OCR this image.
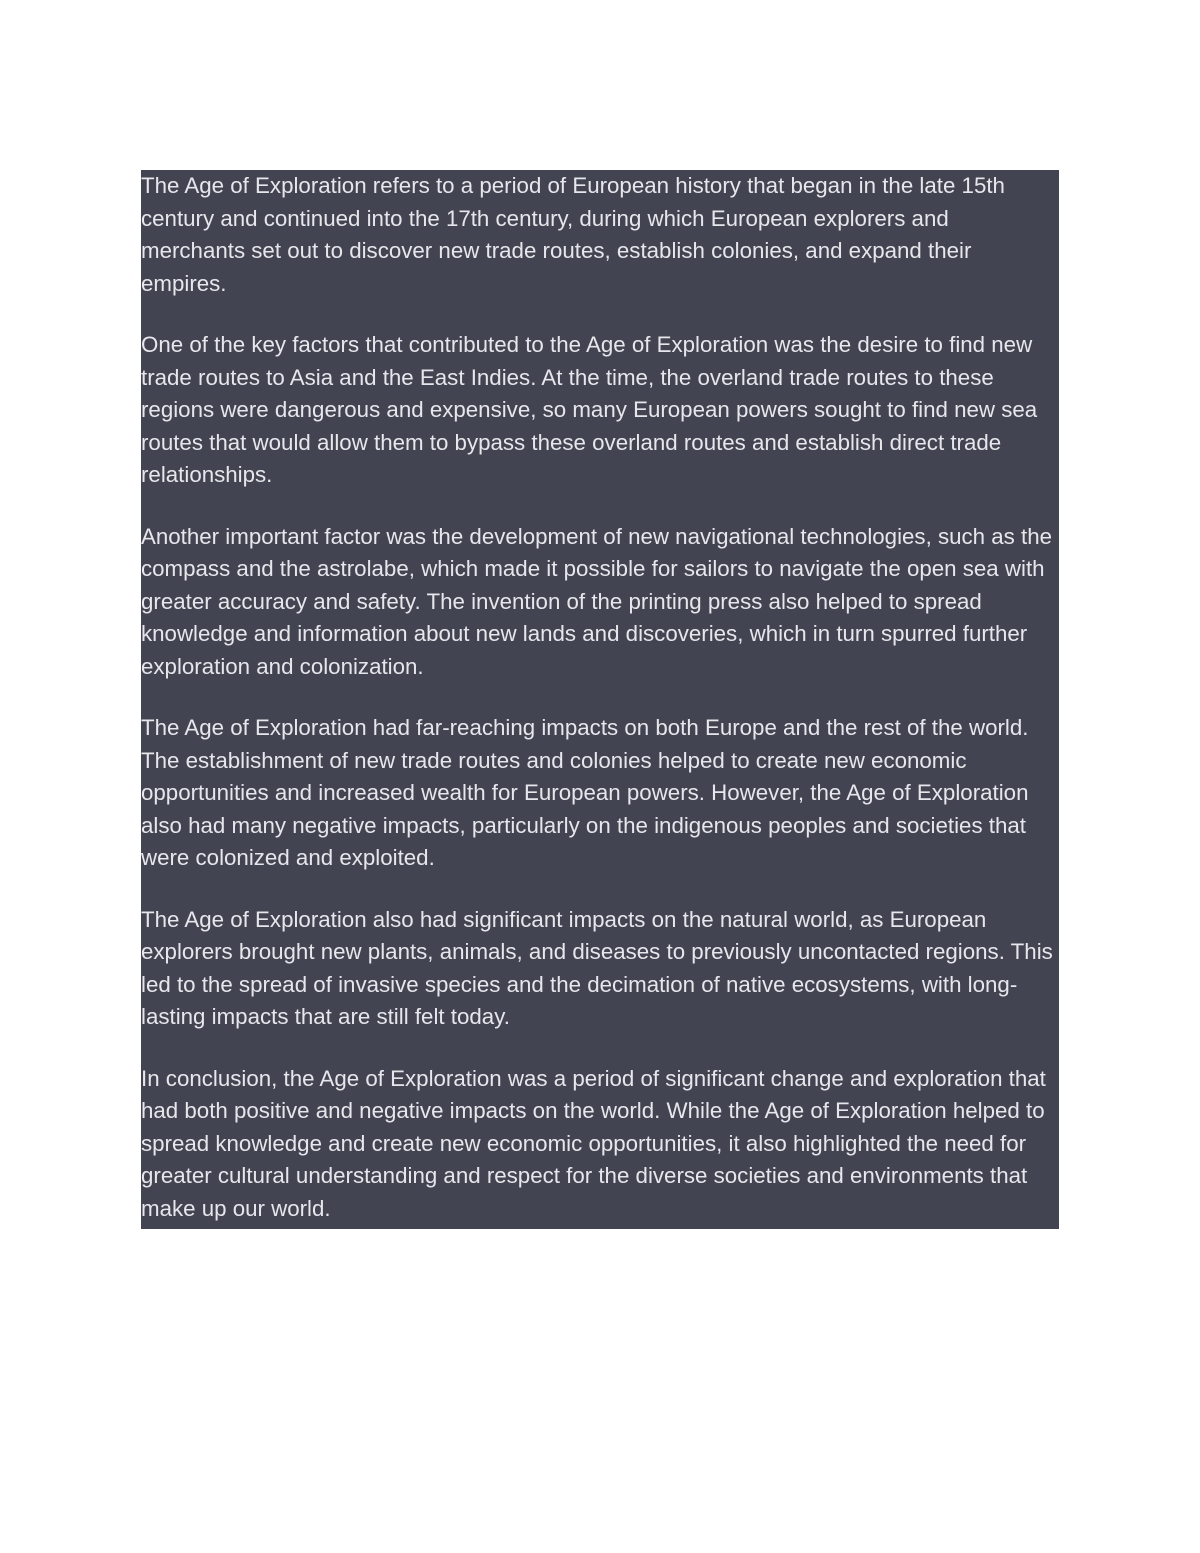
The Age of Exploration refers to a period of European history that began in the late 15th century and continued into the 17th century, during which European explorers and merchants set out to discover new trade routes, establish colonies, and expand their empires.

One of the key factors that contributed to the Age of Exploration was the desire to find new trade routes to Asia and the East Indies. At the time, the overland trade routes to these regions were dangerous and expensive, so many European powers sought to find new sea routes that would allow them to bypass these overland routes and establish direct trade relationships.

Another important factor was the development of new navigational technologies, such as the compass and the astrolabe, which made it possible for sailors to navigate the open sea with greater accuracy and safety. The invention of the printing press also helped to spread knowledge and information about new lands and discoveries, which in turn spurred further exploration and colonization.

The Age of Exploration had far-reaching impacts on both Europe and the rest of the world. The establishment of new trade routes and colonies helped to create new economic opportunities and increased wealth for European powers. However, the Age of Exploration also had many negative impacts, particularly on the indigenous peoples and societies that were colonized and exploited.

The Age of Exploration also had significant impacts on the natural world, as European explorers brought new plants, animals, and diseases to previously uncontacted regions. This led to the spread of invasive species and the decimation of native ecosystems, with long-lasting impacts that are still felt today.

In conclusion, the Age of Exploration was a period of significant change and exploration that had both positive and negative impacts on the world. While the Age of Exploration helped to spread knowledge and create new economic opportunities, it also highlighted the need for greater cultural understanding and respect for the diverse societies and environments that make up our world.
